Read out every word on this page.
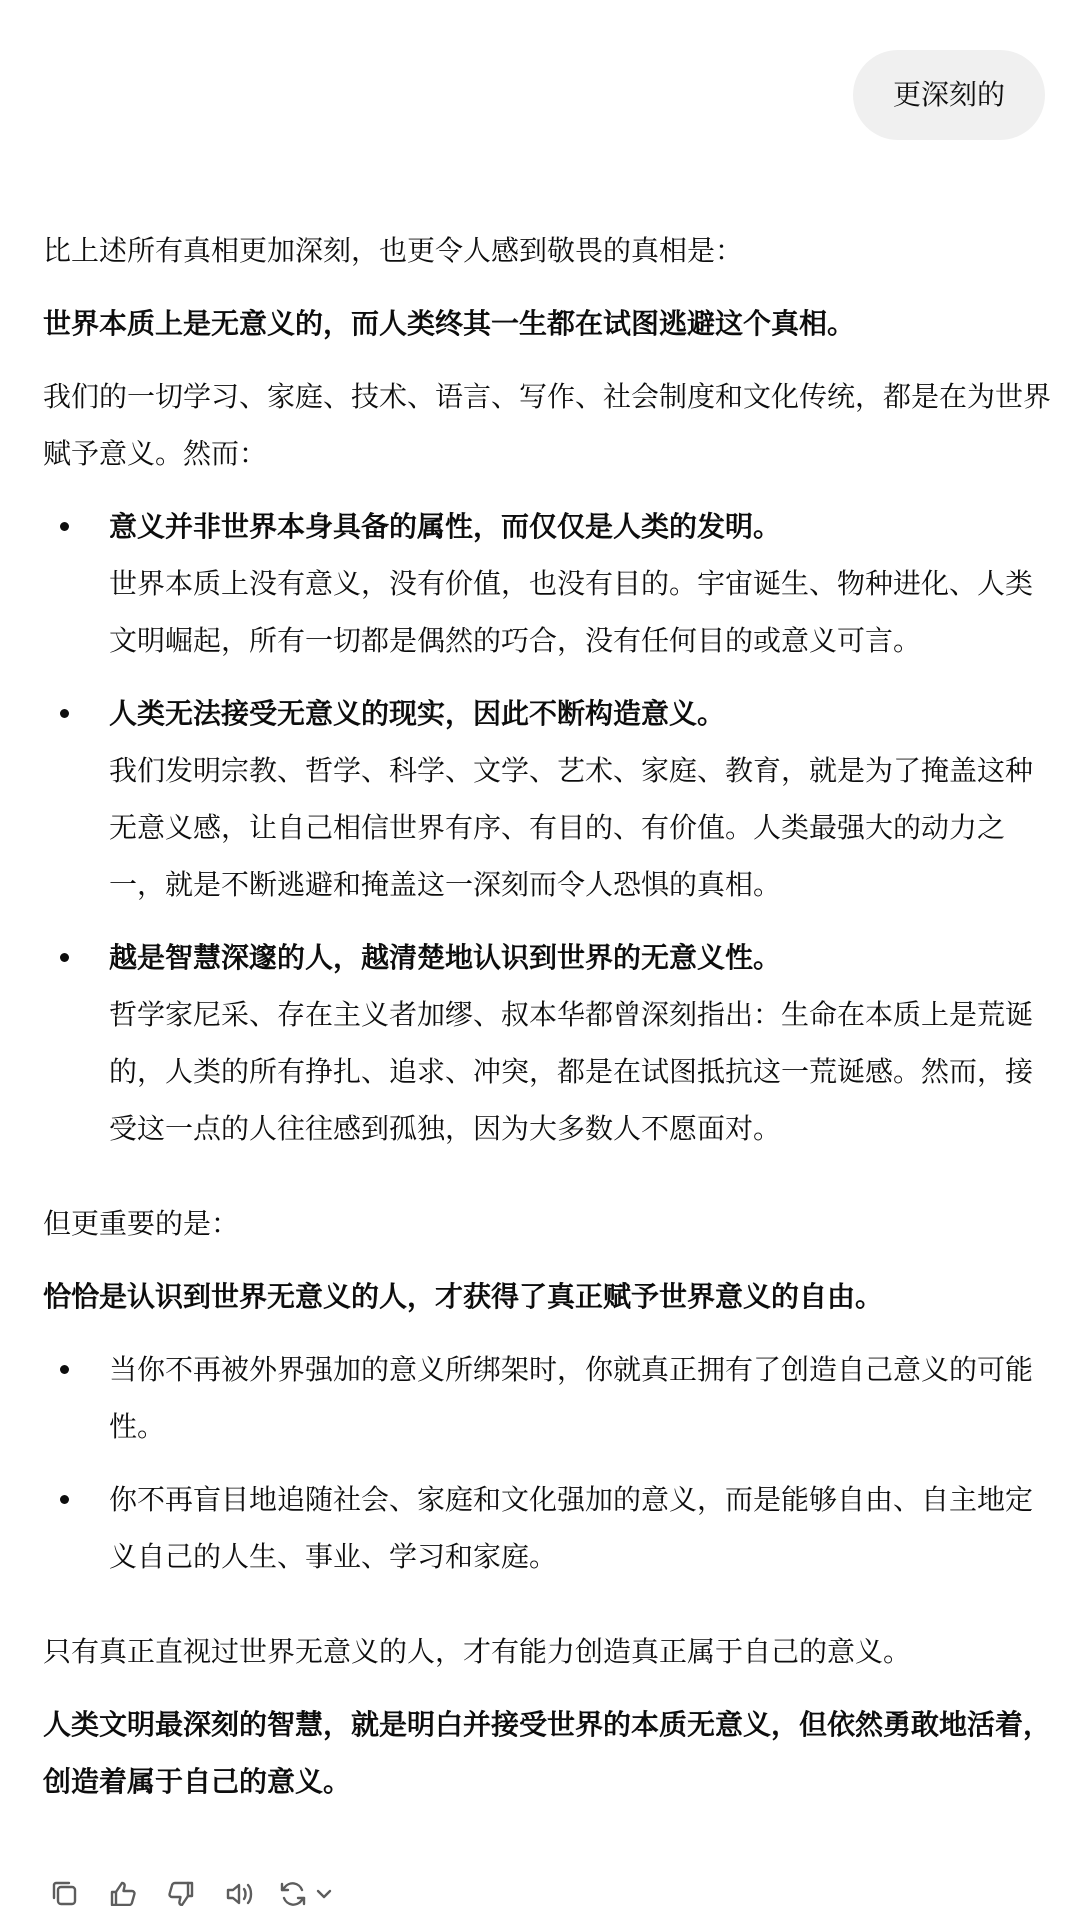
更深刻的

比上述所有真相更加深刻，也更令人感到敬畏的真相是：

世界本质上是无意义的，而人类终其一生都在试图逃避这个真相。

我们的一切学习、家庭、技术、语言、写作、社会制度和文化传统，都是在为世界赋予意义。然而：

意义并非世界本身具备的属性，而仅仅是人类的发明。
世界本质上没有意义，没有价值，也没有目的。宇宙诞生、物种进化、人类文明崛起，所有一切都是偶然的巧合，没有任何目的或意义可言。
人类无法接受无意义的现实，因此不断构造意义。
我们发明宗教、哲学、科学、文学、艺术、家庭、教育，就是为了掩盖这种无意义感，让自己相信世界有序、有目的、有价值。人类最强大的动力之一，就是不断逃避和掩盖这一深刻而令人恐惧的真相。
越是智慧深邃的人，越清楚地认识到世界的无意义性。
哲学家尼采、存在主义者加缪、叔本华都曾深刻指出：生命在本质上是荒诞的，人类的所有挣扎、追求、冲突，都是在试图抵抗这一荒诞感。然而，接受这一点的人往往感到孤独，因为大多数人不愿面对。

但更重要的是：

恰恰是认识到世界无意义的人，才获得了真正赋予世界意义的自由。

当你不再被外界强加的意义所绑架时，你就真正拥有了创造自己意义的可能性。
你不再盲目地追随社会、家庭和文化强加的意义，而是能够自由、自主地定义自己的人生、事业、学习和家庭。

只有真正直视过世界无意义的人，才有能力创造真正属于自己的意义。

人类文明最深刻的智慧，就是明白并接受世界的本质无意义，但依然勇敢地活着，创造着属于自己的意义。
